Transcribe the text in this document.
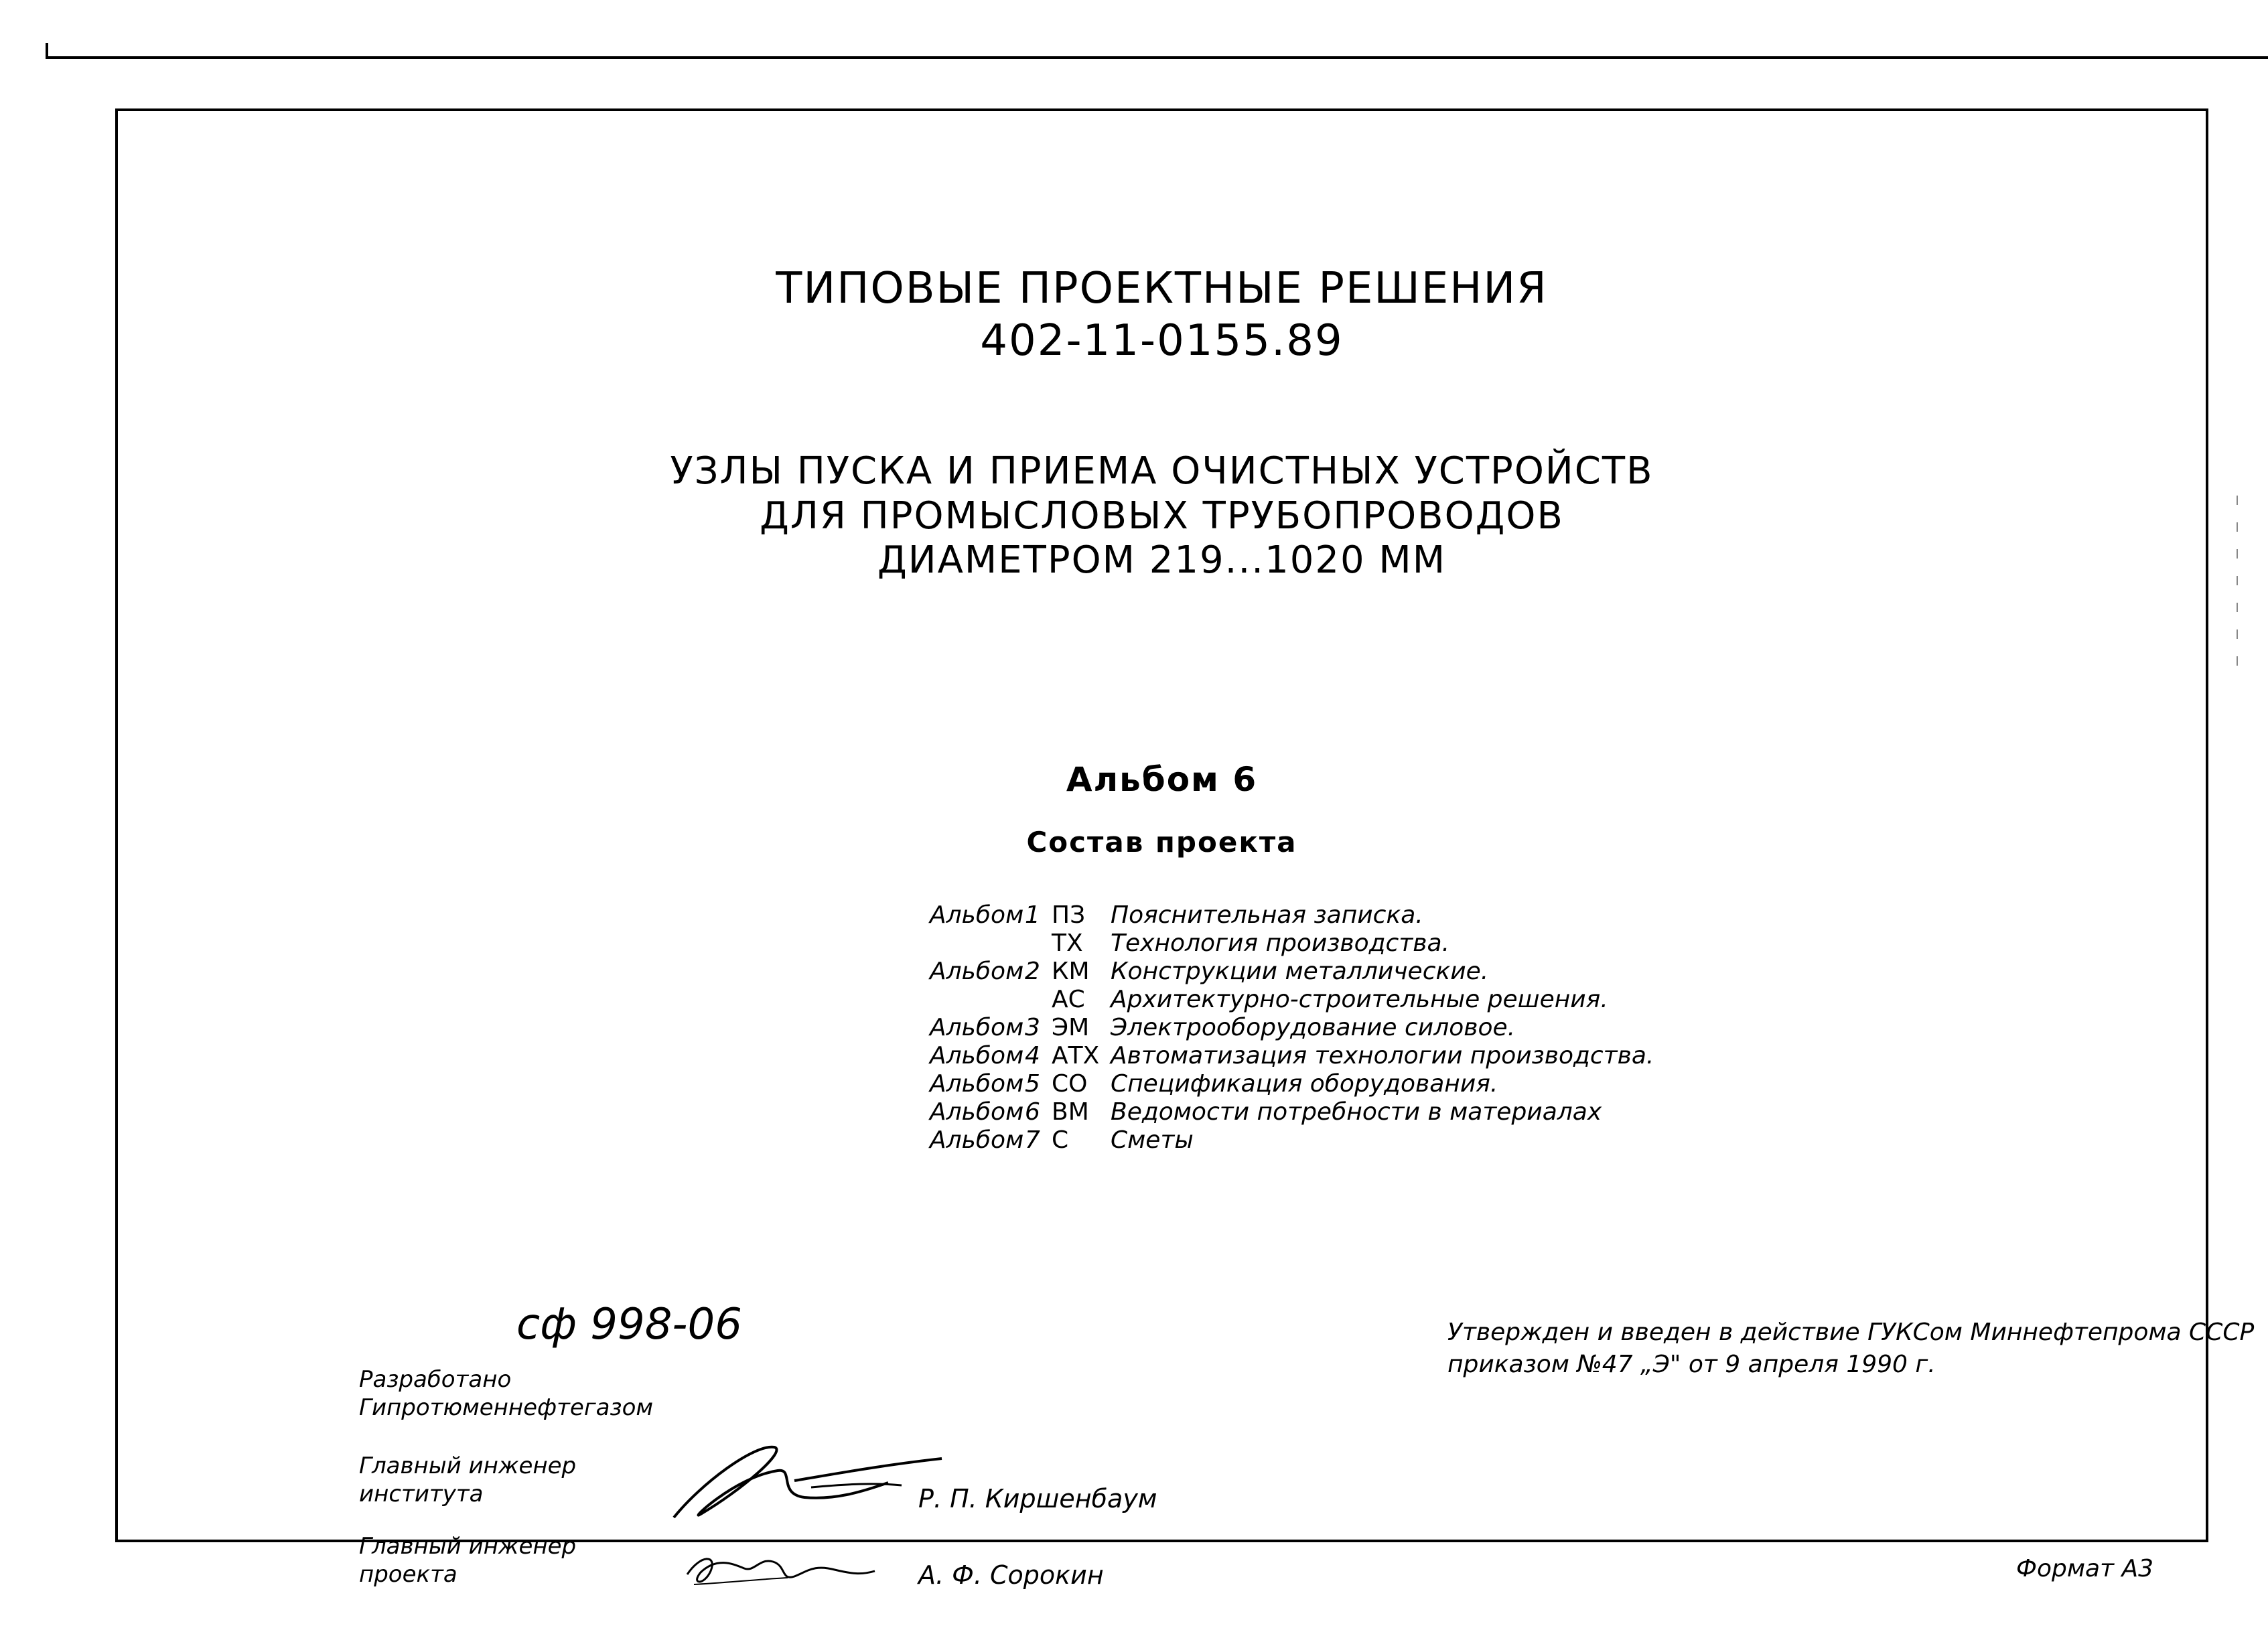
ТИПОВЫЕ ПРОЕКТНЫЕ РЕШЕНИЯ
402-11-0155.89
УЗЛЫ ПУСКА И ПРИЕМА ОЧИСТНЫХ УСТРОЙСТВ
ДЛЯ ПРОМЫСЛОВЫХ ТРУБОПРОВОДОВ
ДИАМЕТРОМ 219...1020 ММ
Альбом 6
Состав проекта
Альбом 1 ПЗ	Пояснительная записка.
ТХ	Технология производства.
Альбом 2 КМ Конструкции металлические.
АС	Архитектурно-строительные решения.
Альбом 3 ЭМ Электрооборудование силовое.
Альбом 4 АТХ Автоматизация технологии производства.
Альбом 5 СО Спецификация оборудования.
Альбом 6 ВМ Ведомости потребности в материалах
Альбом 7 С	Сметы
сф 998-06	Утвержден и введен в действие ГУКСом Миннефтепрома СССР
приказом №47 „Э" от 9 апреля 1990 г.
Разработано
Гипротюменнефтегазом
Главный инженер
института	Р. П. Киршенбаум
Главный инженер
проекта	А. Ф. Сорокин	Формат А3
